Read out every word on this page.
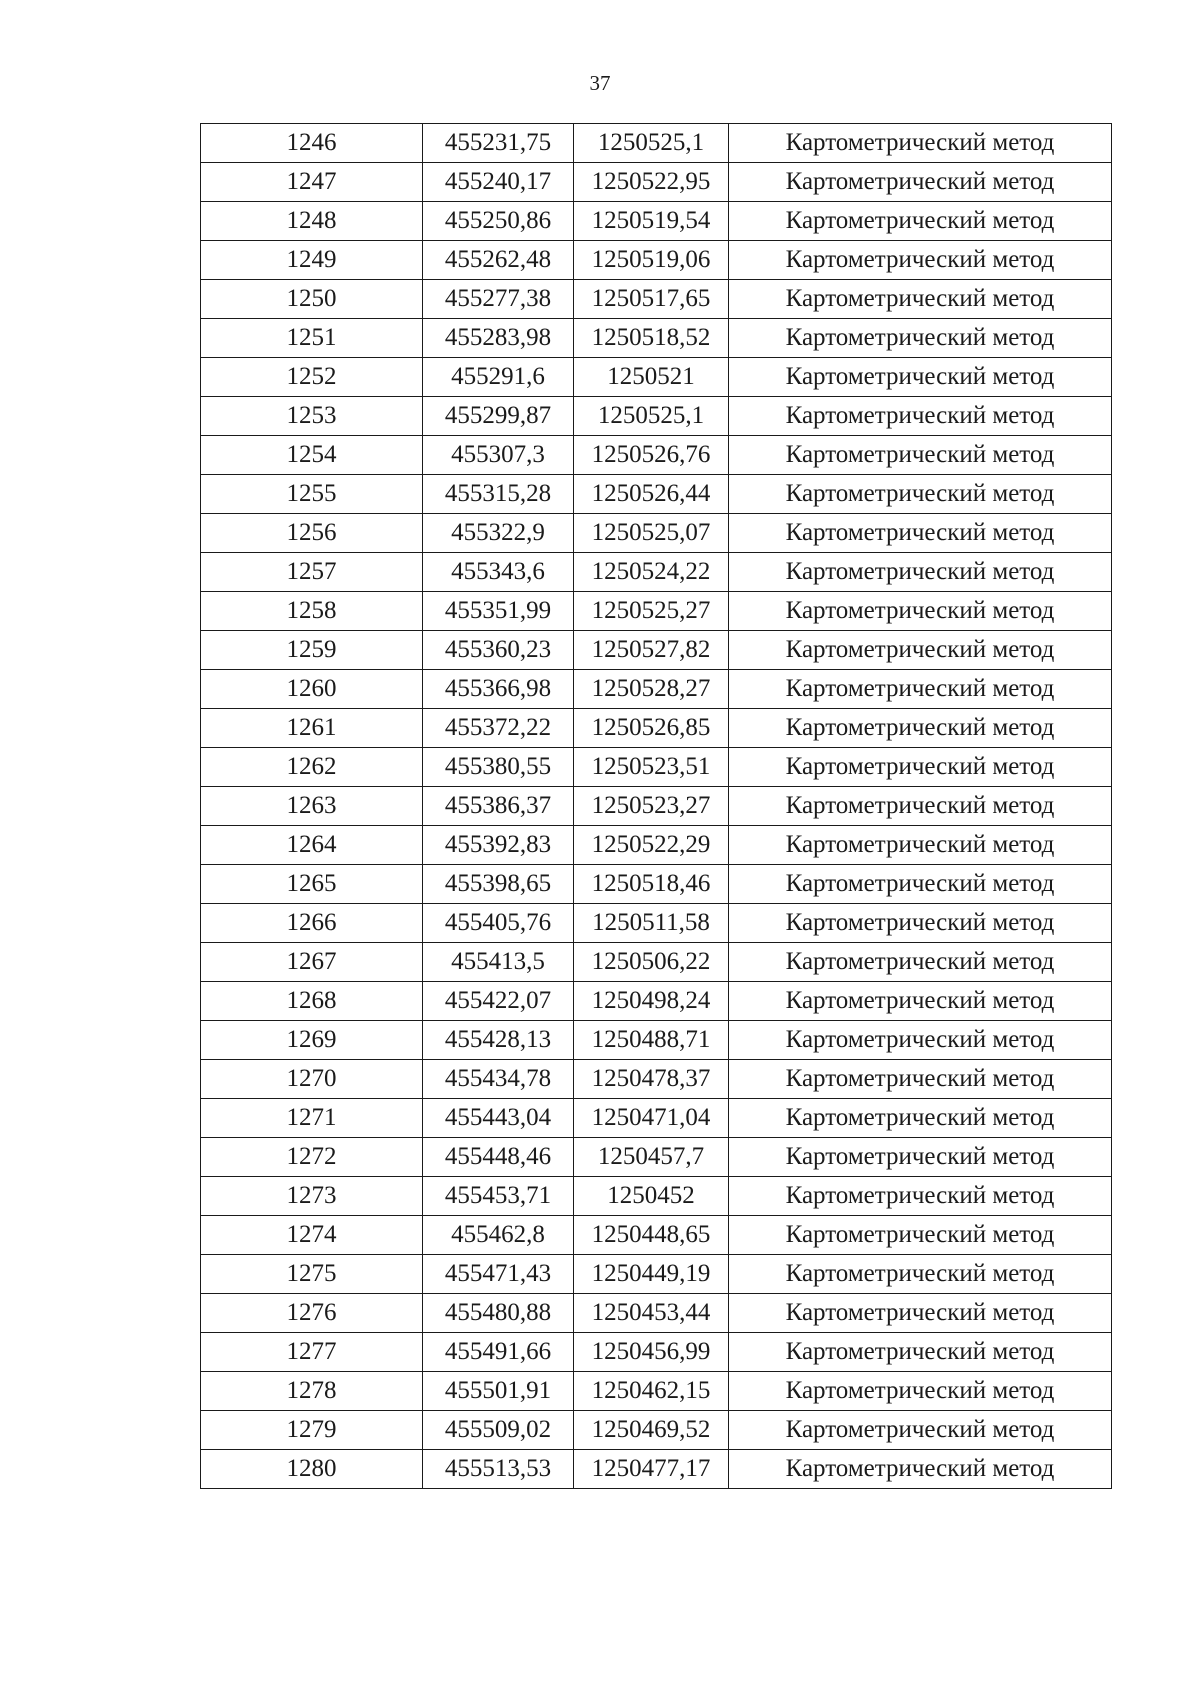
37
1246	455231,75	1250525,1	Картометрический метод
1247	455240,17	1250522,95	Картометрический метод
1248	455250,86	1250519,54	Картометрический метод
1249	455262,48	1250519,06	Картометрический метод
1250	455277,38	1250517,65	Картометрический метод
1251	455283,98	1250518,52	Картометрический метод
1252	455291,6	1250521	Картометрический метод
1253	455299,87	1250525,1	Картометрический метод
1254	455307,3	1250526,76	Картометрический метод
1255	455315,28	1250526,44	Картометрический метод
1256	455322,9	1250525,07	Картометрический метод
1257	455343,6	1250524,22	Картометрический метод
1258	455351,99	1250525,27	Картометрический метод
1259	455360,23	1250527,82	Картометрический метод
1260	455366,98	1250528,27	Картометрический метод
1261	455372,22	1250526,85	Картометрический метод
1262	455380,55	1250523,51	Картометрический метод
1263	455386,37	1250523,27	Картометрический метод
1264	455392,83	1250522,29	Картометрический метод
1265	455398,65	1250518,46	Картометрический метод
1266	455405,76	1250511,58	Картометрический метод
1267	455413,5	1250506,22	Картометрический метод
1268	455422,07	1250498,24	Картометрический метод
1269	455428,13	1250488,71	Картометрический метод
1270	455434,78	1250478,37	Картометрический метод
1271	455443,04	1250471,04	Картометрический метод
1272	455448,46	1250457,7	Картометрический метод
1273	455453,71	1250452	Картометрический метод
1274	455462,8	1250448,65	Картометрический метод
1275	455471,43	1250449,19	Картометрический метод
1276	455480,88	1250453,44	Картометрический метод
1277	455491,66	1250456,99	Картометрический метод
1278	455501,91	1250462,15	Картометрический метод
1279	455509,02	1250469,52	Картометрический метод
1280	455513,53	1250477,17	Картометрический метод
